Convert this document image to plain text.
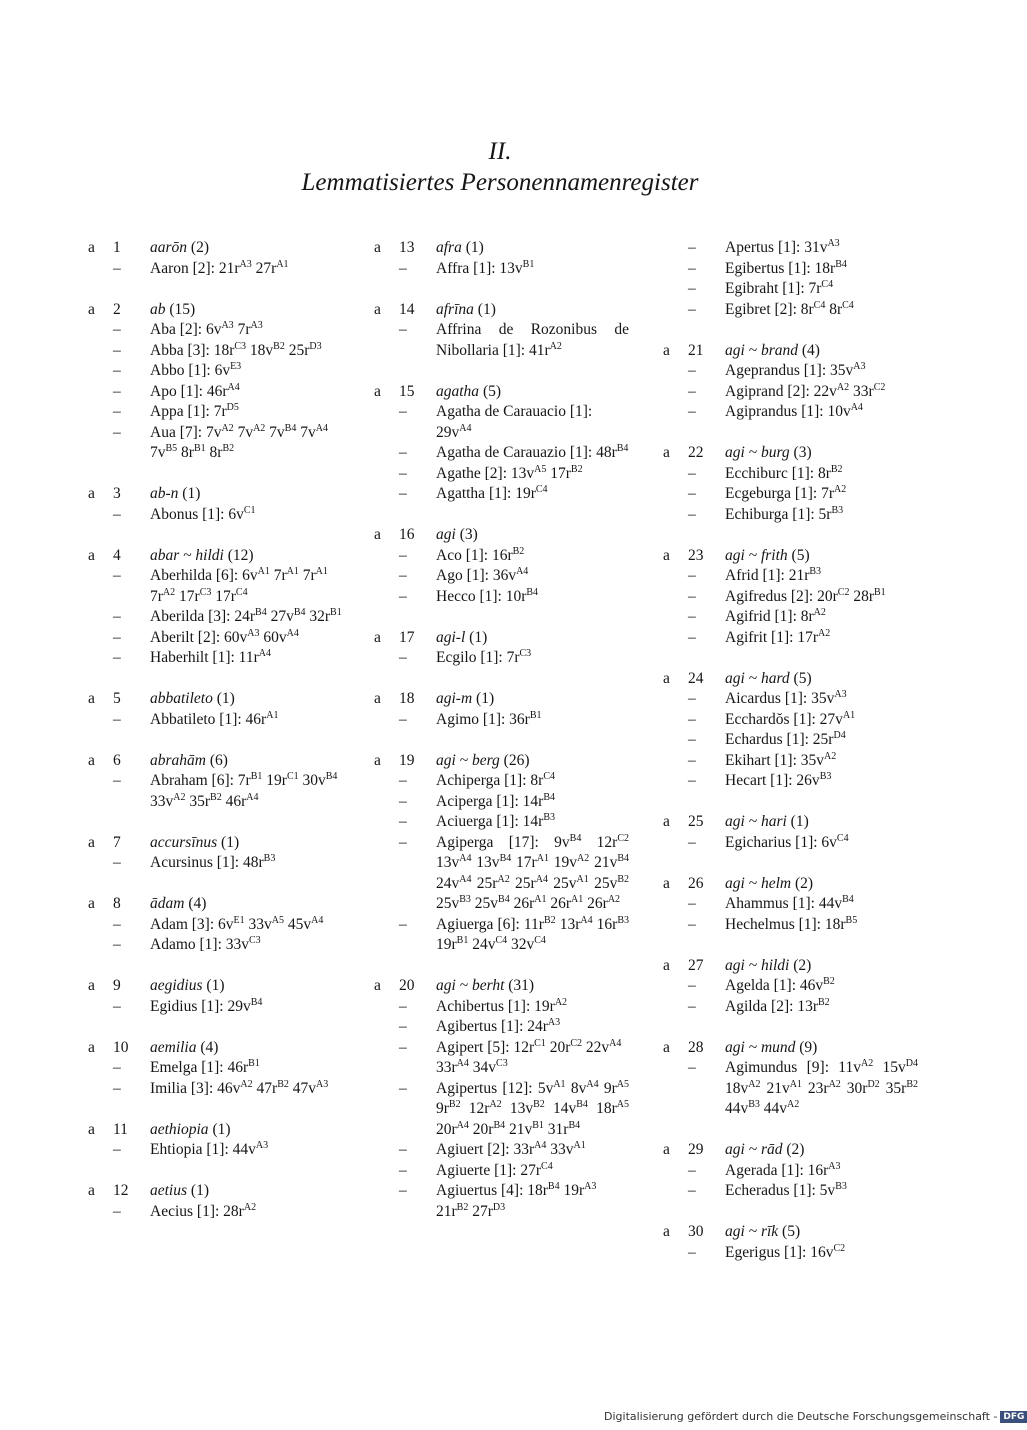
II.
Lemmatisiertes Personennamenregister
a	1	aarōn (2)
–	Aaron [2]: $21r^{A3}$ $27r^{A1}$
a	2	ab (15)
–	Aba [2]: $6v^{A3}$ $7r^{A3}$
–	Abba [3]: $18r^{C3}$ $18v^{B2}$ $25r^{D3}$
–	Abbo [1]: $6v^{E3}$
–	Apo [1]: $46r^{A4}$
–	Appa [1]: $7r^{D5}$
–	Aua [7]: $7v^{A2}$ $7v^{A2}$ $7v^{B4}$ $7v^{A4}$ $7v^{B5}$ $8r^{B1}$ $8r^{B2}$
a	3	ab-n (1)
–	Abonus [1]: $6v^{C1}$
a	4	abar ~ hildi (12)
–	Aberhilda [6]: $6v^{A1}$ $7r^{A1}$ $7r^{A1}$ $7r^{A2}$ $17r^{C3}$ $17r^{C4}$
–	Aberilda [3]: $24r^{B4}$ $27v^{B4}$ $32r^{B1}$
–	Aberilt [2]: $60v^{A3}$ $60v^{A4}$
–	Haberhilt [1]: $11r^{A4}$
a	5	abbatileto (1)
–	Abbatileto [1]: $46r^{A1}$
a	6	abrahām (6)
–	Abraham [6]: $7r^{B1}$ $19r^{C1}$ $30v^{B4}$ $33v^{A2}$ $35r^{B2}$ $46r^{A4}$
a	7	accursīnus (1)
–	Acursinus [1]: $48r^{B3}$
a	8	ādam (4)
–	Adam [3]: $6v^{E1}$ $33v^{A5}$ $45v^{A4}$
–	Adamo [1]: $33v^{C3}$
a	9	aegidius (1)
–	Egidius [1]: $29v^{B4}$
a	10	aemilia (4)
–	Emelga [1]: $46r^{B1}$
–	Imilia [3]: $46v^{A2}$ $47r^{B2}$ $47v^{A3}$
a	11	aethiopia (1)
–	Ehtiopia [1]: $44v^{A3}$
a	12	aetius (1)
–	Aecius [1]: $28r^{A2}$
a	13	afra (1)
–	Affra [1]: $13v^{B1}$
a	14	afrīna (1)
–	Affrina de Rozonibus de Nibollaria [1]: $41r^{A2}$
a	15	agatha (5)
–	Agatha de Carauacio [1]: $29v^{A4}$
–	Agatha de Carauazio [1]: $48r^{B4}$
–	Agathe [2]: $13v^{A5}$ $17r^{B2}$
–	Agattha [1]: $19r^{C4}$
a	16	agi (3)
–	Aco [1]: $16r^{B2}$
–	Ago [1]: $36v^{A4}$
–	Hecco [1]: $10r^{B4}$
a	17	agi-l (1)
–	Ecgilo [1]: $7r^{C3}$
a	18	agi-m (1)
–	Agimo [1]: $36r^{B1}$
a	19	agi ~ berg (26)
–	Achiperga [1]: $8r^{C4}$
–	Aciperga [1]: $14r^{B4}$
–	Aciuerga [1]: $14r^{B3}$
–	Agiperga [17]: $9v^{B4}$ $12r^{C2}$ $13v^{A4}$ $13v^{B4}$ $17r^{A1}$ $19v^{A2}$ $21v^{B4}$ $24v^{A4}$ $25r^{A2}$ $25r^{A4}$ $25v^{A1}$ $25v^{B2}$ $25v^{B3}$ $25v^{B4}$ $26r^{A1}$ $26r^{A1}$ $26r^{A2}$
–	Agiuerga [6]: $11r^{B2}$ $13r^{A4}$ $16r^{B3}$ $19r^{B1}$ $24v^{C4}$ $32v^{C4}$
a	20	agi ~ berht (31)
–	Achibertus [1]: $19r^{A2}$
–	Agibertus [1]: $24r^{A3}$
–	Agipert [5]: $12r^{C1}$ $20r^{C2}$ $22v^{A4}$ $33r^{A4}$ $34v^{C3}$
–	Agipertus [12]: $5v^{A1}$ $8v^{A4}$ $9r^{A5}$ $9r^{B2}$ $12r^{A2}$ $13v^{B2}$ $14v^{B4}$ $18r^{A5}$ $20r^{A4}$ $20r^{B4}$ $21v^{B1}$ $31r^{B4}$
–	Agiuert [2]: $33r^{A4}$ $33v^{A1}$
–	Agiuerte [1]: $27r^{C4}$
–	Agiuertus [4]: $18r^{B4}$ $19r^{A3}$ $21r^{B2}$ $27r^{D3}$
–	Apertus [1]: $31v^{A3}$
–	Egibertus [1]: $18r^{B4}$
–	Egibraht [1]: $7r^{C4}$
–	Egibret [2]: $8r^{C4}$ $8r^{C4}$
a	21	agi ~ brand (4)
–	Ageprandus [1]: $35v^{A3}$
–	Agiprand [2]: $22v^{A2}$ $33r^{C2}$
–	Agiprandus [1]: $10v^{A4}$
a	22	agi ~ burg (3)
–	Ecchiburc [1]: $8r^{B2}$
–	Ecgeburga [1]: $7r^{A2}$
–	Echiburga [1]: $5r^{B3}$
a	23	agi ~ frith (5)
–	Afrid [1]: $21r^{B3}$
–	Agifredus [2]: $20r^{C2}$ $28r^{B1}$
–	Agifrid [1]: $8r^{A2}$
–	Agifrit [1]: $17r^{A2}$
a	24	agi ~ hard (5)
–	Aicardus [1]: $35v^{A3}$
–	Ecchardŏs [1]: $27v^{A1}$
–	Echardus [1]: $25r^{D4}$
–	Ekihart [1]: $35v^{A2}$
–	Hecart [1]: $26v^{B3}$
a	25	agi ~ hari (1)
–	Egicharius [1]: $6v^{C4}$
a	26	agi ~ helm (2)
–	Ahammus [1]: $44v^{B4}$
–	Hechelmus [1]: $18r^{B5}$
a	27	agi ~ hildi (2)
–	Agelda [1]: $46v^{B2}$
–	Agilda [2]: $13r^{B2}$
a	28	agi ~ mund (9)
–	Agimundus [9]: $11v^{A2}$ $15v^{D4}$ $18v^{A2}$ $21v^{A1}$ $23r^{A2}$ $30r^{D2}$ $35r^{B2}$ $44v^{B3}$ $44v^{A2}$
a	29	agi ~ rād (2)
–	Agerada [1]: $16r^{A3}$
–	Echeradus [1]: $5v^{B3}$
a	30	agi ~ rīk (5)
–	Egerigus [1]: $16v^{C2}$
Digitalisierung gefördert durch die Deutsche Forschungsgemeinschaft - DFG
